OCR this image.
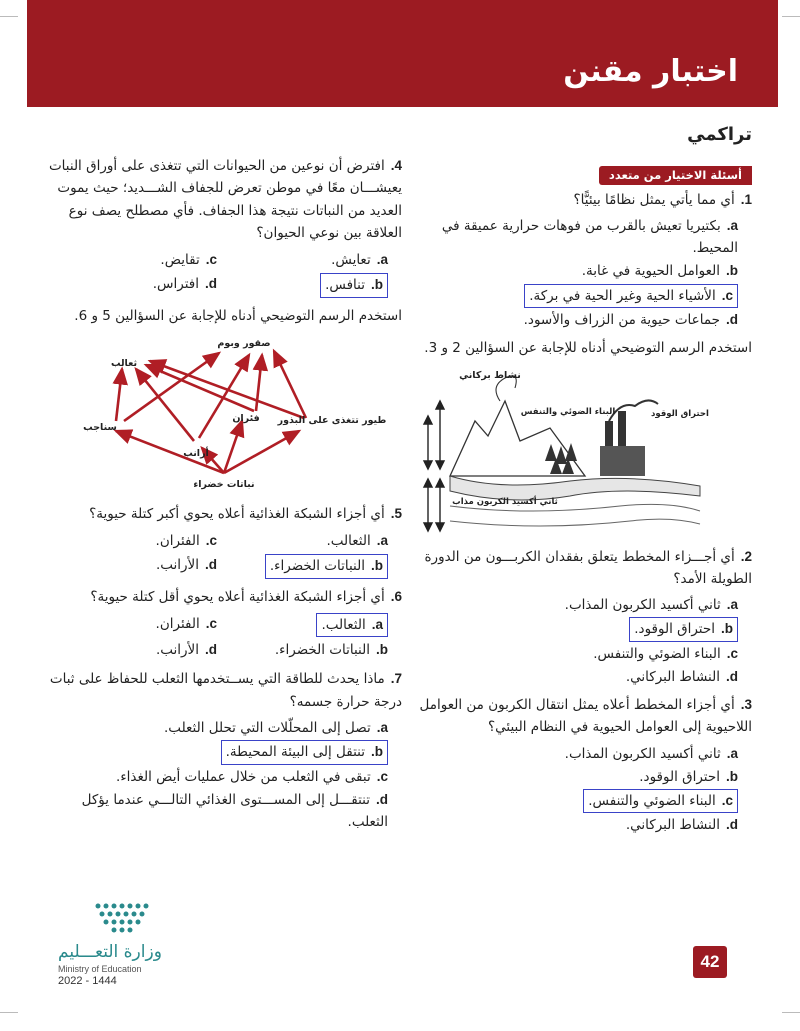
اختبار مقنن
تراكمي
أسئلة الاختيار من متعدد
1.أي مما يأتي يمثل نظامًا بيئيًّا؟
a.بكتيريا تعيش بالقرب من فوهات حرارية عميقة في المحيط.
b.العوامل الحيوية في غابة.
c.الأشياء الحية وغير الحية في بركة.
d.جماعات حيوية من الزراف والأسود.
استخدم الرسم التوضيحي أدناه للإجابة عن السؤالين 2 و 3.
نشاط بركاني
البناء الضوئي والتنفس	احتراق الوقود
ثاني أكسيد الكربون مذاب
2.أي أجـــزاء المخطط يتعلق بفقدان الكربـــون من الدورة الطويلة الأمد؟
a.ثاني أكسيد الكربون المذاب.
b.احتراق الوقود.
c.البناء الضوئي والتنفس.
d.النشاط البركاني.
3.أي أجزاء المخطط أعلاه يمثل انتقال الكربون من العوامل اللاحيوية إلى العوامل الحيوية في النظام البيئي؟
a.ثاني أكسيد الكربون المذاب.
b.احتراق الوقود.
c.البناء الضوئي والتنفس.
d.النشاط البركاني.
4.افترض أن نوعين من الحيوانات التي تتغذى على أوراق النبات يعيشـــان معًا في موطن تعرض للجفاف الشـــديد؛ حيث يموت العديد من النباتات نتيجة هذا الجفاف. فأي مصطلح يصف نوع العلاقة بين نوعي الحيوان؟
a.تعايش.
c.تقايض.
b.تنافس.
d.افتراس.
استخدم الرسم التوضيحي أدناه للإجابة عن السؤالين 5 و 6.
صقور وبوم
ثعالب
فئران طيور تتغذى على البذور
سناجب
أرانب
نباتات خضراء
5.أي أجزاء الشبكة الغذائية أعلاه يحوي أكبر كتلة حيوية؟
a.الثعالب.
c.الفئران.
b.النباتات الخضراء.
d.الأرانب.
6.أي أجزاء الشبكة الغذائية أعلاه يحوي أقل كتلة حيوية؟
a.الثعالب.
c.الفئران.
b.النباتات الخضراء.
d.الأرانب.
7.ماذا يحدث للطاقة التي يســتخدمها الثعلب للحفاظ على ثبات درجة حرارة جسمه؟
a.تصل إلى المحلّلات التي تحلل الثعلب.
b.تنتقل إلى البيئة المحيطة.
c.تبقى في الثعلب من خلال عمليات أيض الغذاء.
d.تنتقـــل إلى المســـتوى الغذائي التالـــي عندما يؤكل الثعلب.
وزارة التعـــليم
Ministry of Education
2022 - 1444
42
